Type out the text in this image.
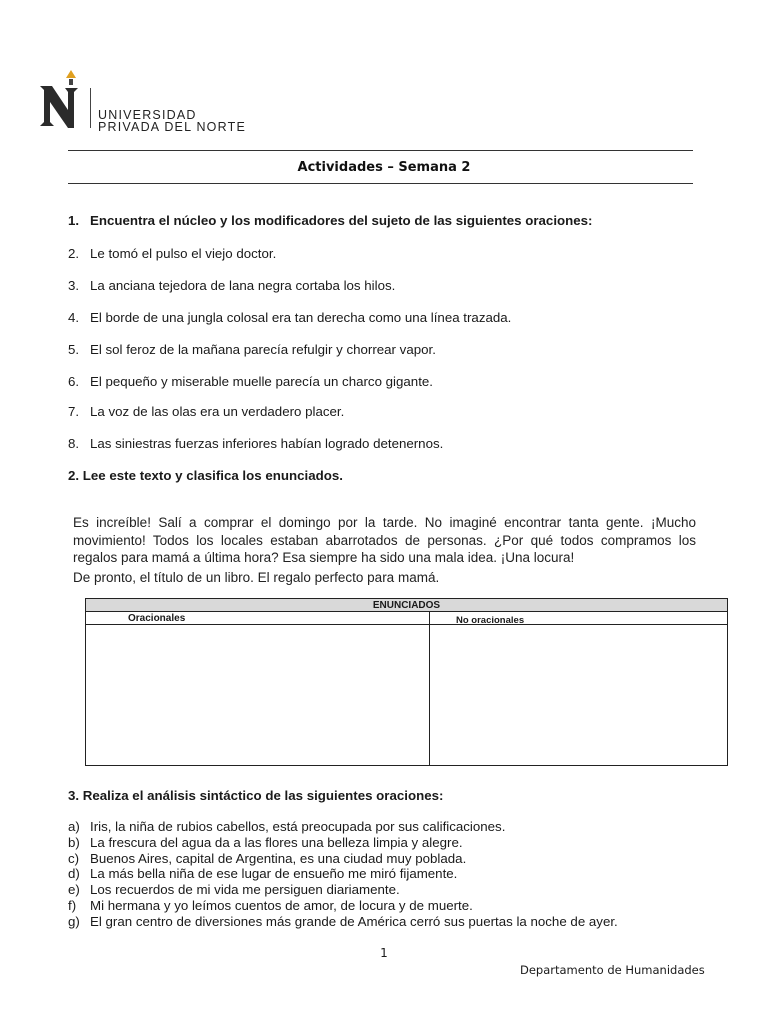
UNIVERSIDAD
PRIVADA DEL NORTE
Actividades – Semana 2
1. Encuentra el núcleo y los modificadores del sujeto de las siguientes oraciones:
2. Le tomó el pulso el viejo doctor.
3. La anciana tejedora de lana negra cortaba los hilos.
4. El borde de una jungla colosal era tan derecha como una línea trazada.
5. El sol feroz de la mañana parecía refulgir y chorrear vapor.
6. El pequeño y miserable muelle parecía un charco gigante.
7. La voz de las olas era un verdadero placer.
8. Las siniestras fuerzas inferiores habían logrado detenernos.
2. Lee este texto y clasifica los enunciados.
Es increíble! Salí a comprar el domingo por la tarde. No imaginé encontrar tanta gente. ¡Mucho movimiento! Todos los locales estaban abarrotados de personas. ¿Por qué todos compramos los regalos para mamá a última hora? Esa siempre ha sido una mala idea. ¡Una locura!
De pronto, el título de un libro. El regalo perfecto para mamá.
ENUNCIADOS
Oracionales	No oracionales
3. Realiza el análisis sintáctico de las siguientes oraciones:
a) Iris, la niña de rubios cabellos, está preocupada por sus calificaciones.
b) La frescura del agua da a las flores una belleza limpia y alegre.
c) Buenos Aires, capital de Argentina, es una ciudad muy poblada.
d) La más bella niña de ese lugar de ensueño me miró fijamente.
e) Los recuerdos de mi vida me persiguen diariamente.
f) Mi hermana y yo leímos cuentos de amor, de locura y de muerte.
g) El gran centro de diversiones más grande de América cerró sus puertas la noche de ayer.
1
Departamento de Humanidades
